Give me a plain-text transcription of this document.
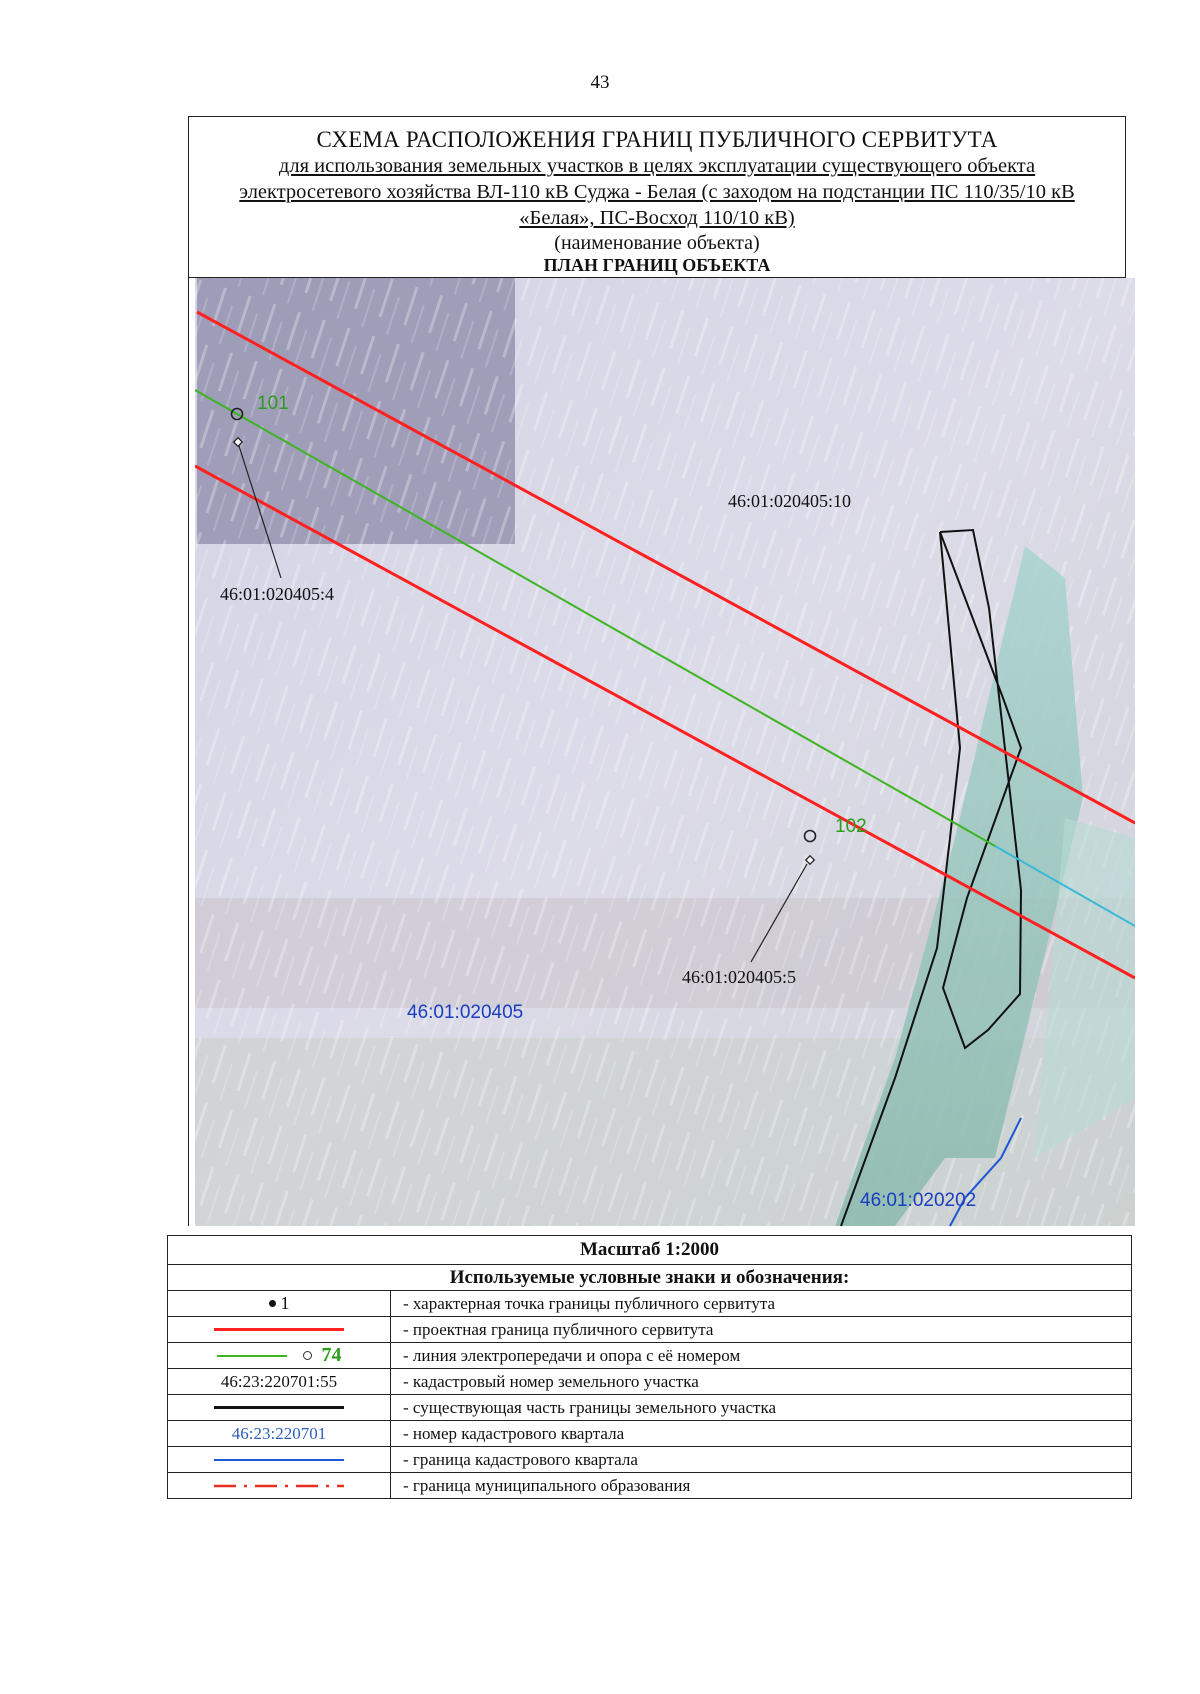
43
СХЕМА РАСПОЛОЖЕНИЯ ГРАНИЦ ПУБЛИЧНОГО СЕРВИТУТА
для использования земельных участков в целях эксплуатации существующего объекта электросетевого хозяйства ВЛ-110 кВ Суджа - Белая (с заходом на подстанции ПС 110/35/10 кВ «Белая», ПС-Восход 110/10 кВ)
(наименование объекта)
ПЛАН ГРАНИЦ ОБЪЕКТА
101
102
46:01:020405:10
46:01:020405:4
46:01:020405:5
46:01:020405
46:01:020202
Масштаб 1:2000	
Используемые условные знаки и обозначения:	
1	- характерная точка границы публичного сервитута
	- проектная граница публичного сервитута
74	- линия электропередачи и опора с её номером
46:23:220701:55	- кадастровый номер земельного участка
	- существующая часть границы земельного участка
46:23:220701	- номер кадастрового квартала
	- граница кадастрового квартала
	- граница муниципального образования
